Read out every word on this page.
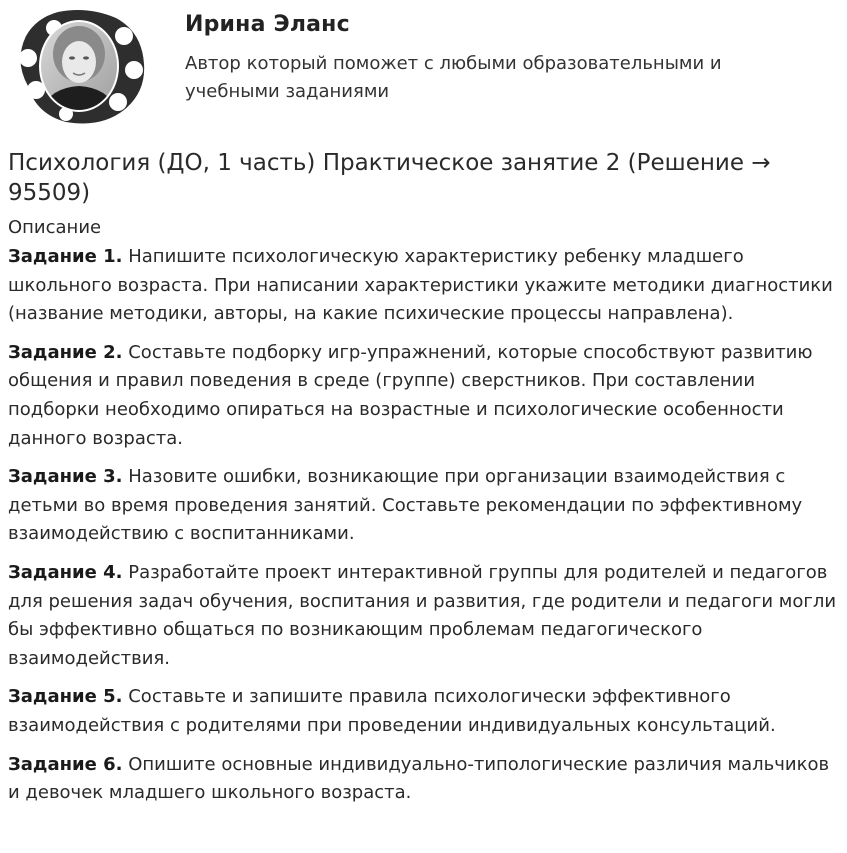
Ирина Эланс
Автор который поможет с любыми образовательными и учебными заданиями
Психология (ДО, 1 часть) Практическое занятие 2 (Решение → 95509)
Описание

Задание 1. Напишите психологическую характеристику ребенку младшего школьного возраста. При написании характеристики укажите методики диагностики (название методики, авторы, на какие психические процессы направлена).

Задание 2. Составьте подборку игр-упражнений, которые способствуют развитию общения и правил поведения в среде (группе) сверстников. При составлении подборки необходимо опираться на возрастные и психологические особенности данного возраста.

Задание 3. Назовите ошибки, возникающие при организации взаимодействия с детьми во время проведения занятий. Составьте рекомендации по эффективному взаимодействию с воспитанниками.

Задание 4. Разработайте проект интерактивной группы для родителей и педагогов для решения задач обучения, воспитания и развития, где родители и педагоги могли бы эффективно общаться по возникающим проблемам педагогического взаимодействия.

Задание 5. Составьте и запишите правила психологически эффективного взаимодействия с родителями при проведении индивидуальных консультаций.

Задание 6. Опишите основные индивидуально-типологические различия мальчиков и девочек младшего школьного возраста.
